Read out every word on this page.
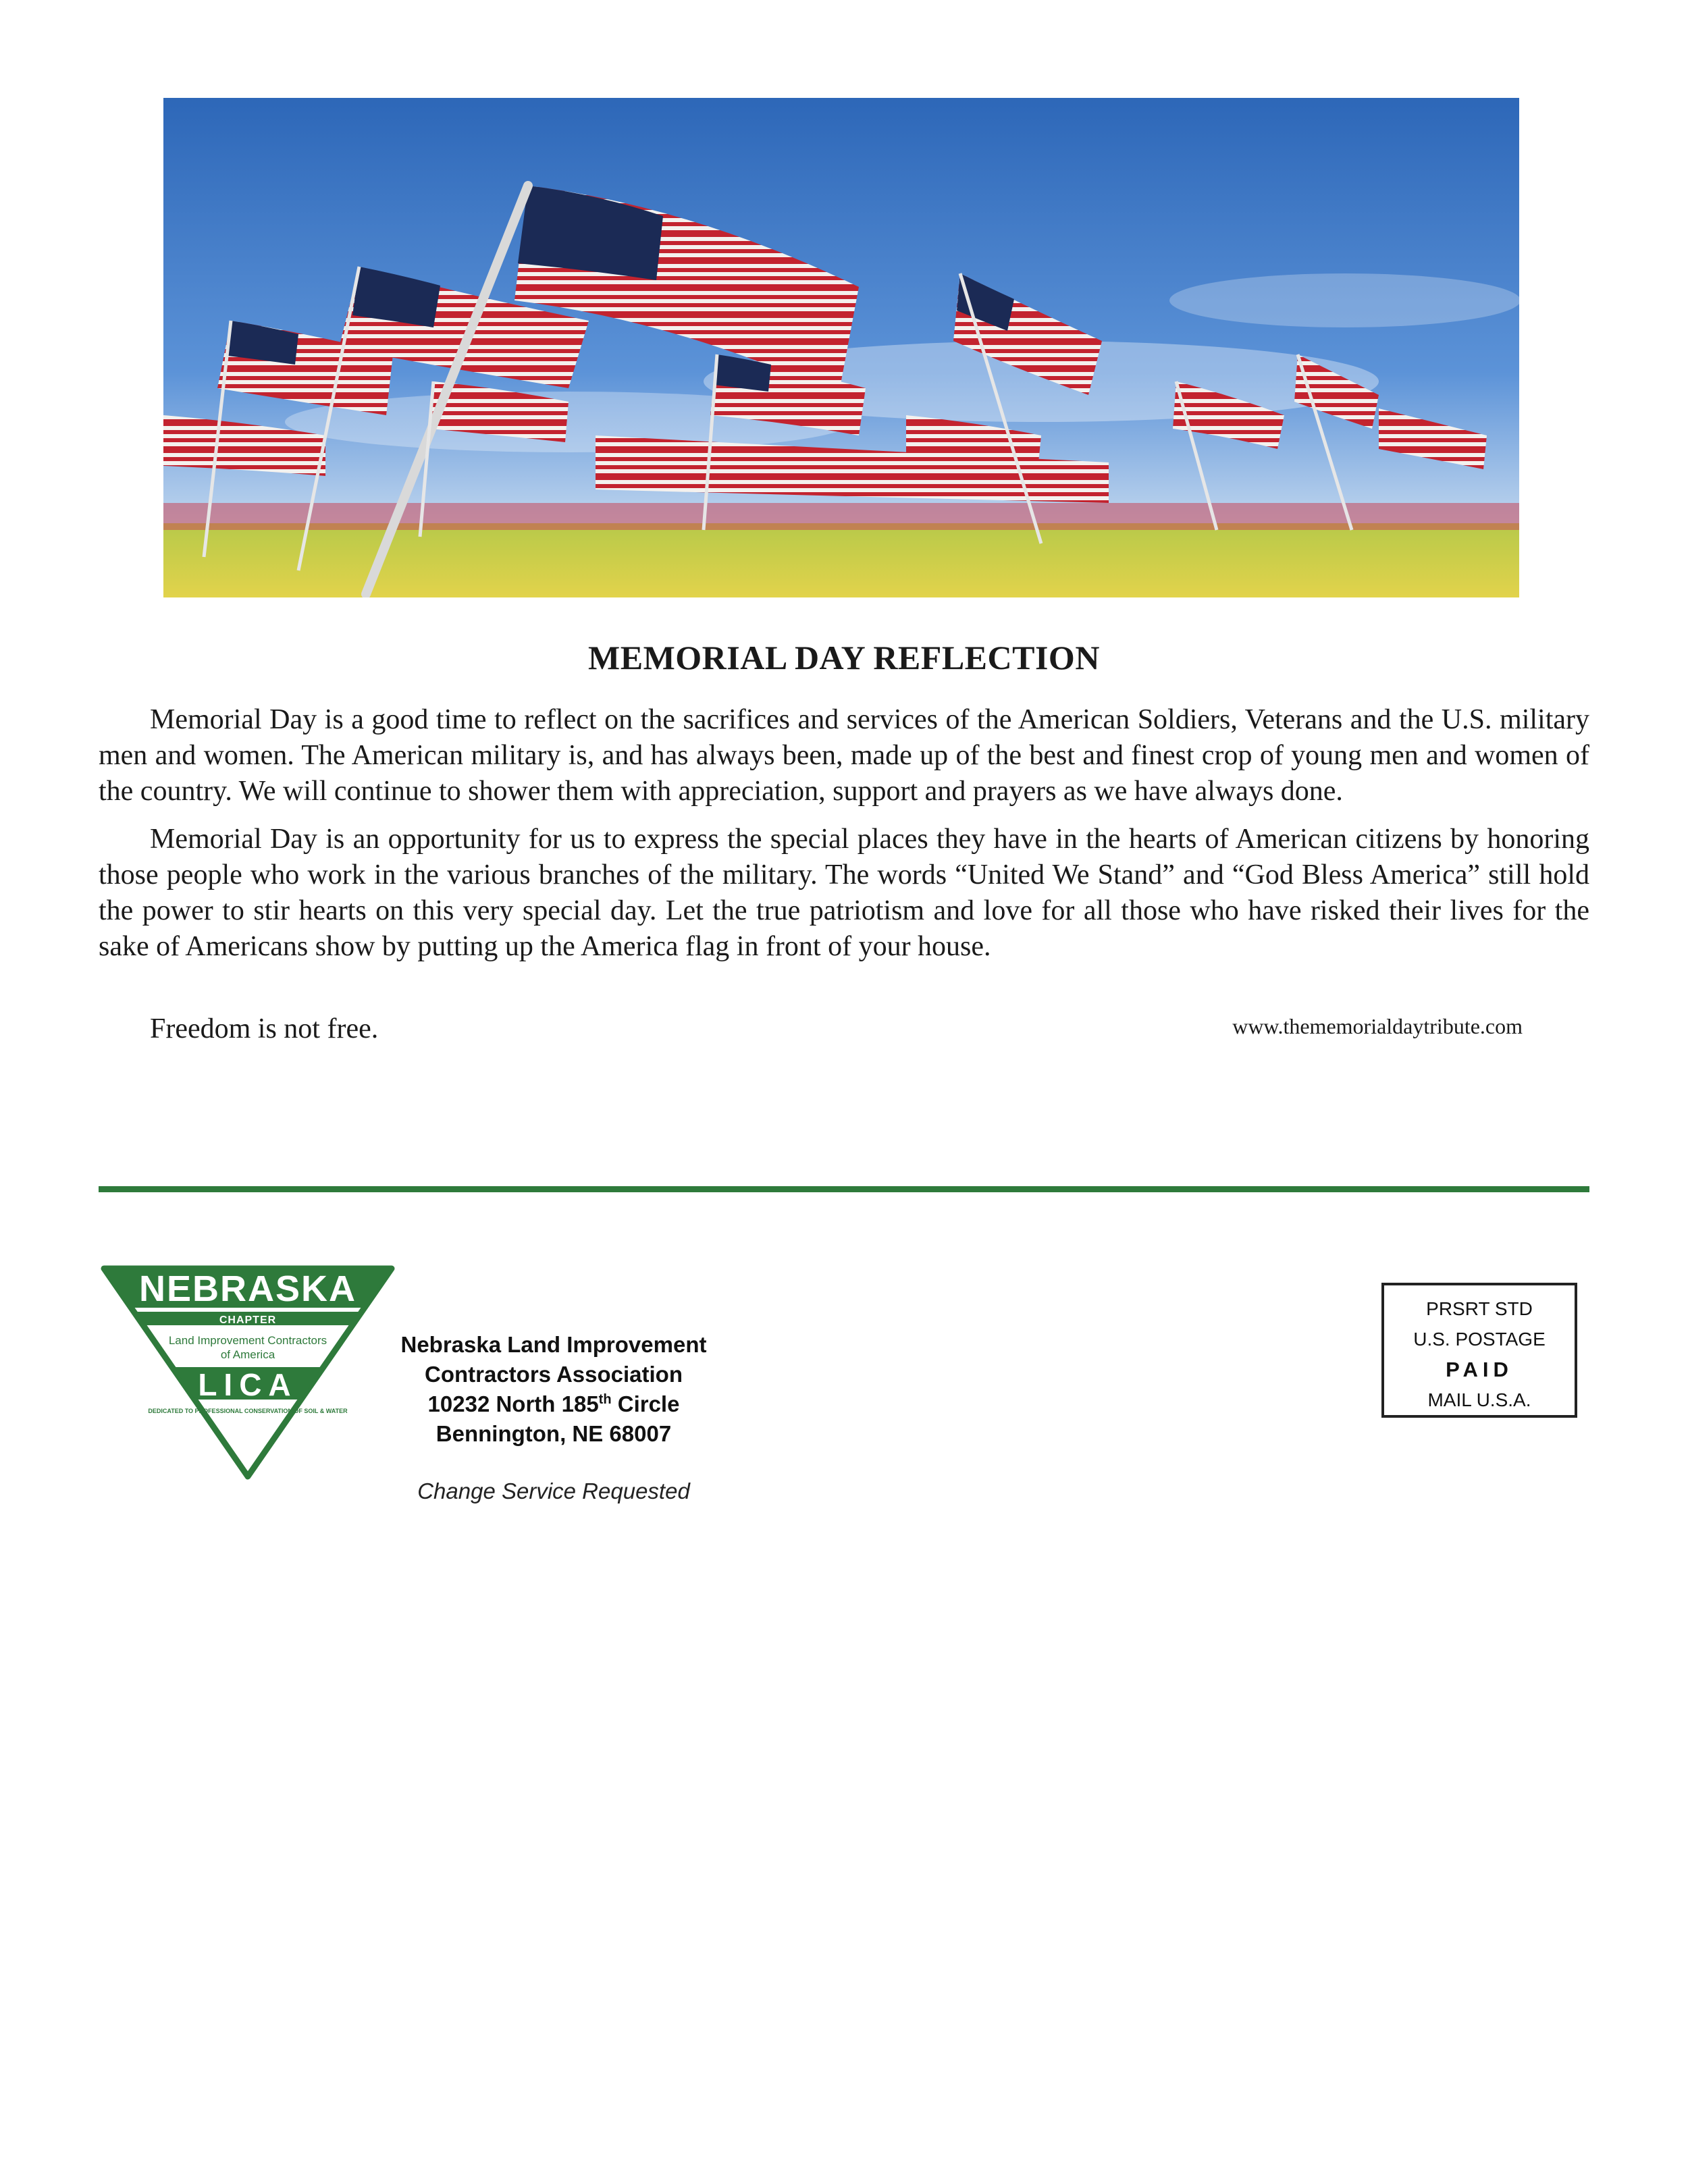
MEMORIAL DAY REFLECTION

Memorial Day is a good time to reflect on the sacrifices and services of the American Soldiers, Veterans and the U.S. military men and women. The American military is, and has always been, made up of the best and finest crop of young men and women of the country. We will continue to shower them with appreciation, support and prayers as we have always done.

Memorial Day is an opportunity for us to express the special places they have in the hearts of American citizens by honoring those people who work in the various branches of the military. The words “United We Stand” and “God Bless America” still hold the power to stir hearts on this very special day. Let the true patriotism and love for all those who have risked their lives for the sake of Americans show by putting up the America flag in front of your house.

Freedom is not free.	www.thememorialdaytribute.com
NEBRASKA
CHAPTER
Land Improvement Contractors
of America
LICA
DEDICATED TO PROFESSIONAL CONSERVATION OF SOIL & WATER
Nebraska Land Improvement
Contractors Association
10232 North 185th Circle
Bennington, NE 68007
Change Service Requested
PRSRT STD
U.S. POSTAGE
PAID
MAIL U.S.A.
